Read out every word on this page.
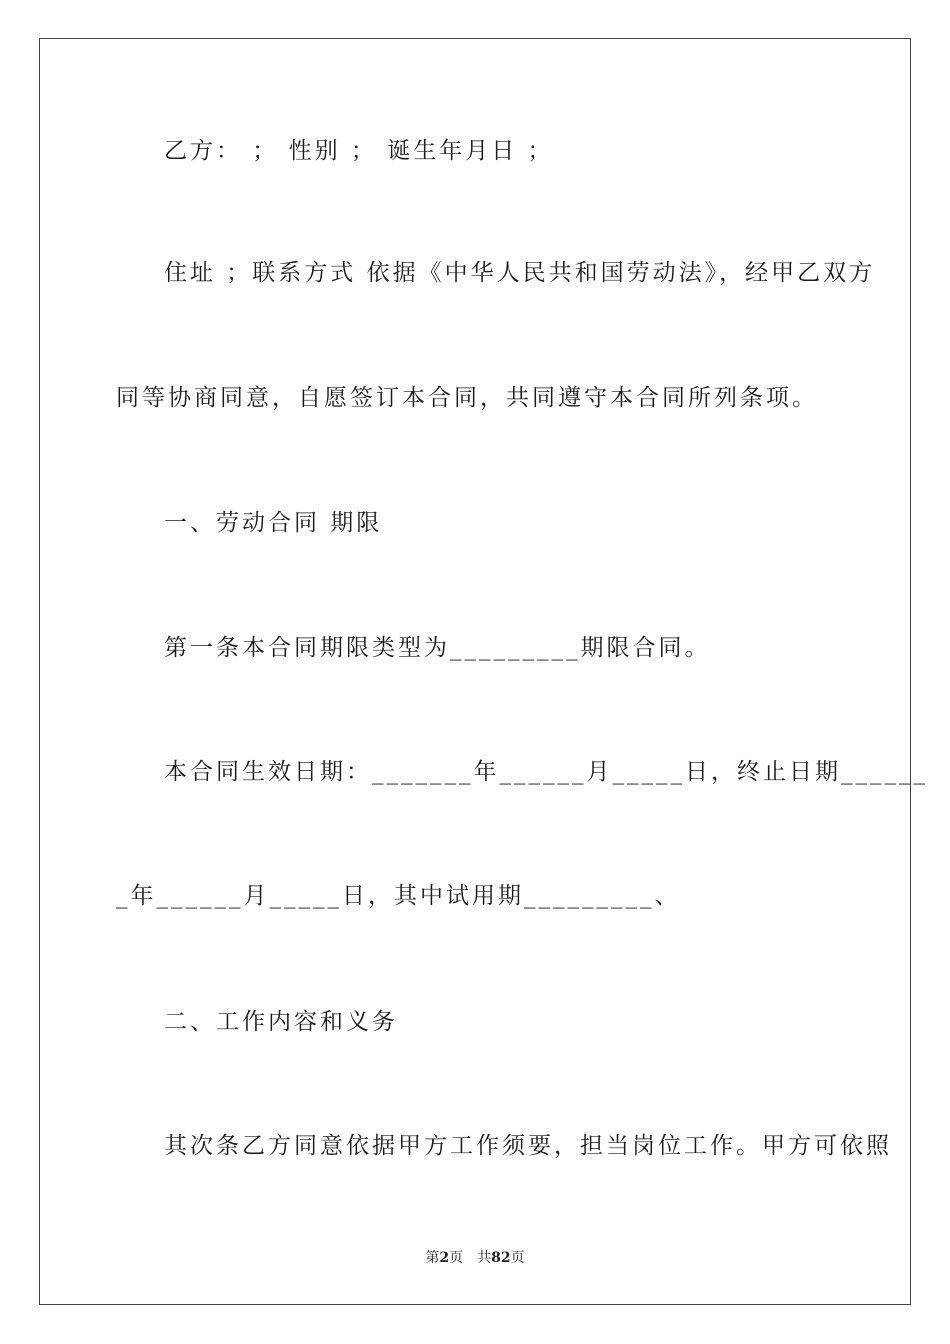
乙方： ； 性别 ； 诞生年月日 ；
住址 ；联系方式 依据《中华人民共和国劳动法》，经甲乙双方
同等协商同意，自愿签订本合同，共同遵守本合同所列条项。
一、劳动合同 期限
第一条本合同期限类型为_________期限合同。
本合同生效日期：_______年______月_____日，终止日期______
_年______月_____日，其中试用期_________、
二、工作内容和义务
其次条乙方同意依据甲方工作须要，担当岗位工作。甲方可依照
第2页 共82页
